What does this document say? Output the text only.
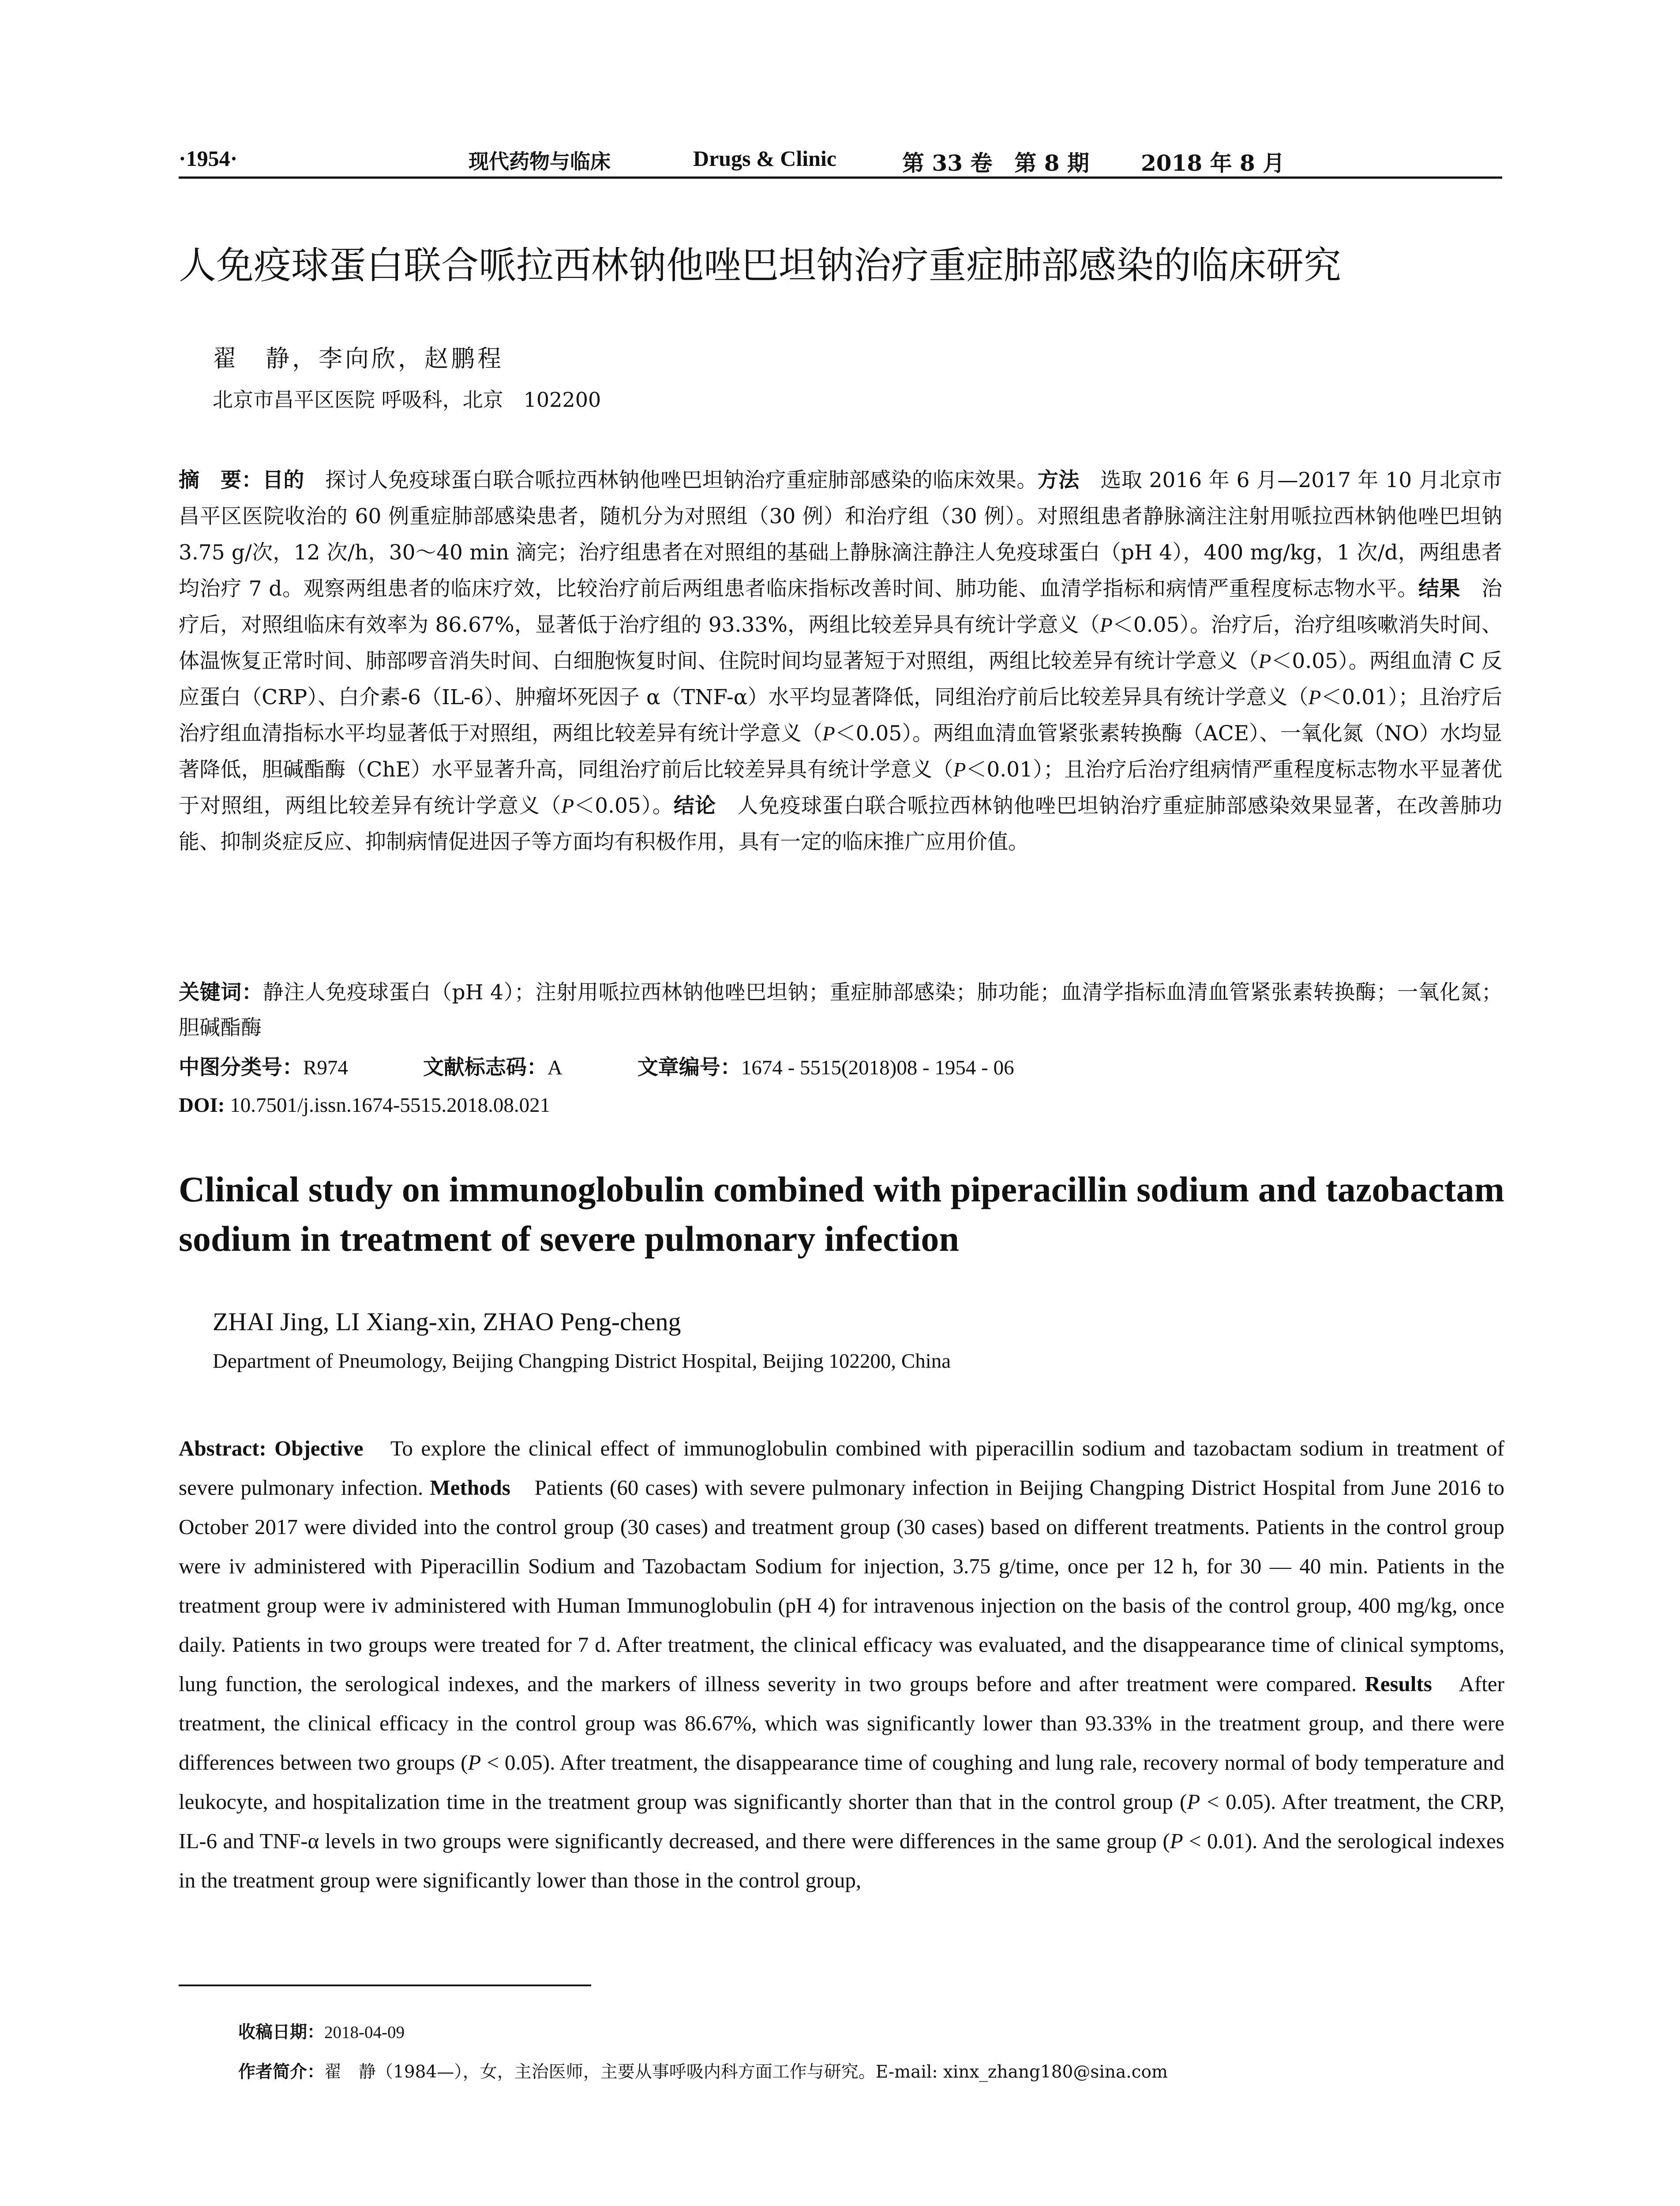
·1954·	现代药物与临床	Drugs & Clinic	第 33 卷　第 8 期 2018 年 8 月
人免疫球蛋白联合哌拉西林钠他唑巴坦钠治疗重症肺部感染的临床研究
翟　静，李向欣，赵鹏程
北京市昌平区医院 呼吸科，北京　102200
摘　要：目的　探讨人免疫球蛋白联合哌拉西林钠他唑巴坦钠治疗重症肺部感染的临床效果。方法　选取 2016 年 6 月—2017 年 10 月北京市昌平区医院收治的 60 例重症肺部感染患者，随机分为对照组（30 例）和治疗组（30 例）。对照组患者静脉滴注注射用哌拉西林钠他唑巴坦钠 3.75 g/次，12 次/h，30～40 min 滴完；治疗组患者在对照组的基础上静脉滴注静注人免疫球蛋白（pH 4），400 mg/kg，1 次/d，两组患者均治疗 7 d。观察两组患者的临床疗效，比较治疗前后两组患者临床指标改善时间、肺功能、血清学指标和病情严重程度标志物水平。结果　治疗后，对照组临床有效率为 86.67%，显著低于治疗组的 93.33%，两组比较差异具有统计学意义（P＜0.05）。治疗后，治疗组咳嗽消失时间、体温恢复正常时间、肺部啰音消失时间、白细胞恢复时间、住院时间均显著短于对照组，两组比较差异有统计学意义（P＜0.05）。两组血清 C 反应蛋白（CRP）、白介素-6（IL-6）、肿瘤坏死因子 α（TNF-α）水平均显著降低，同组治疗前后比较差异具有统计学意义（P＜0.01）；且治疗后治疗组血清指标水平均显著低于对照组，两组比较差异有统计学意义（P＜0.05）。两组血清血管紧张素转换酶（ACE）、一氧化氮（NO）水均显著降低，胆碱酯酶（ChE）水平显著升高，同组治疗前后比较差异具有统计学意义（P＜0.01）；且治疗后治疗组病情严重程度标志物水平显著优于对照组，两组比较差异有统计学意义（P＜0.05）。结论　人免疫球蛋白联合哌拉西林钠他唑巴坦钠治疗重症肺部感染效果显著，在改善肺功能、抑制炎症反应、抑制病情促进因子等方面均有积极作用，具有一定的临床推广应用价值。
关键词：静注人免疫球蛋白（pH 4）；注射用哌拉西林钠他唑巴坦钠；重症肺部感染；肺功能；血清学指标血清血管紧张素转换酶；一氧化氮；胆碱酯酶
中图分类号：R974	文献标志码：A	文章编号：1674 - 5515(2018)08 - 1954 - 06
DOI: 10.7501/j.issn.1674-5515.2018.08.021
Clinical study on immunoglobulin combined with piperacillin sodium and tazobactam sodium in treatment of severe pulmonary infection
ZHAI Jing, LI Xiang-xin, ZHAO Peng-cheng
Department of Pneumology, Beijing Changping District Hospital, Beijing 102200, China
Abstract: Objective　To explore the clinical effect of immunoglobulin combined with piperacillin sodium and tazobactam sodium in treatment of severe pulmonary infection. Methods　Patients (60 cases) with severe pulmonary infection in Beijing Changping District Hospital from June 2016 to October 2017 were divided into the control group (30 cases) and treatment group (30 cases) based on different treatments. Patients in the control group were iv administered with Piperacillin Sodium and Tazobactam Sodium for injection, 3.75 g/time, once per 12 h, for 30 — 40 min. Patients in the treatment group were iv administered with Human Immunoglobulin (pH 4) for intravenous injection on the basis of the control group, 400 mg/kg, once daily. Patients in two groups were treated for 7 d. After treatment, the clinical efficacy was evaluated, and the disappearance time of clinical symptoms, lung function, the serological indexes, and the markers of illness severity in two groups before and after treatment were compared. Results　After treatment, the clinical efficacy in the control group was 86.67%, which was significantly lower than 93.33% in the treatment group, and there were differences between two groups (P < 0.05). After treatment, the disappearance time of coughing and lung rale, recovery normal of body temperature and leukocyte, and hospitalization time in the treatment group was significantly shorter than that in the control group (P < 0.05). After treatment, the CRP, IL-6 and TNF-α levels in two groups were significantly decreased, and there were differences in the same group (P < 0.01). And the serological indexes in the treatment group were significantly lower than those in the control group,
收稿日期：2018-04-09
作者简介：翟　静（1984—），女，主治医师，主要从事呼吸内科方面工作与研究。E-mail: xinx_zhang180@sina.com
